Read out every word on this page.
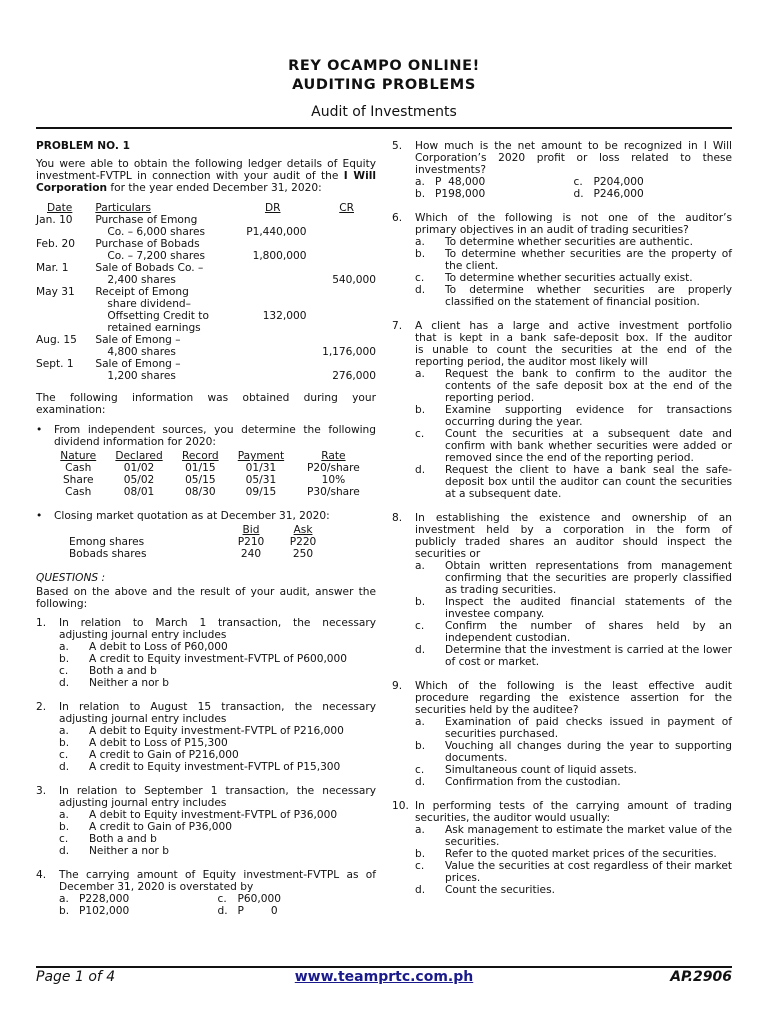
REY OCAMPO ONLINE!
AUDITING PROBLEMS
Audit of Investments

PROBLEM NO. 1

You were able to obtain the following ledger details of Equity investment-FVTPL in connection with your audit of the I Will Corporation for the year ended December 31, 2020:

Date	Particulars	DR	CR
Jan. 10	Purchase of Emong		
	Co. – 6,000 shares	P1,440,000	
Feb. 20	Purchase of Bobads		
	Co. – 7,200 shares	1,800,000	
Mar. 1	Sale of Bobads Co. –		
	2,400 shares		540,000
May 31	Receipt of Emong		
	share dividend–		
	Offsetting Credit to	132,000	
	retained earnings		
Aug. 15	Sale of Emong –		
	4,800 shares		1,176,000
Sept. 1	Sale of Emong –		
	1,200 shares		276,000

The following information was obtained during your examination:

• From independent sources, you determine the following dividend information for 2020:

Nature	Declared	Record	Payment	Rate
Cash	01/02	01/15	01/31	P20/share
Share	05/02	05/15	05/31	10%
Cash	08/01	08/30	09/15	P30/share
• Closing market quotation as at December 31, 2020:

	Bid	Ask
Emong shares	P210	P220
Bobads shares	240	250

QUESTIONS :

Based on the above and the result of your audit, answer the following:

1. In relation to March 1 transaction, the necessary

adjusting journal entry includes

a. A debit to Loss of P60,000

b. A credit to Equity investment-FVTPL of P600,000

c. Both a and b

d. Neither a nor b

2. In relation to August 15 transaction, the necessary

adjusting journal entry includes

a. A debit to Equity investment-FVTPL of P216,000

b. A debit to Loss of P15,300

c. A credit to Gain of P216,000

d. A credit to Equity investment-FVTPL of P15,300

3. In relation to September 1 transaction, the necessary

adjusting journal entry includes

a. A debit to Equity investment-FVTPL of P36,000

b. A credit to Gain of P36,000

c. Both a and b

d. Neither a nor b

4. The carrying amount of Equity investment-FVTPL as of

December 31, 2020 is overstated by

a. P228,000	c. P60,000
b. P102,000	d. P        0
5. How much is the net amount to be recognized in I Will

Corporation’s 2020 profit or loss related to these

investments?

a. P  48,000	c. P204,000
b. P198,000	d. P246,000
6. Which of the following is not one of the auditor’s

primary objectives in an audit of trading securities?

a. To determine whether securities are authentic.

b. To determine whether securities are the property of the client.

c. To determine whether securities actually exist.

d. To determine whether securities are properly classified on the statement of financial position.

7. A client has a large and active investment portfolio

that is kept in a bank safe-deposit box. If the auditor

is unable to count the securities at the end of the

reporting period, the auditor most likely will

a. Request the bank to confirm to the auditor the contents of the safe deposit box at the end of the reporting period.

b. Examine supporting evidence for transactions occurring during the year.

c. Count the securities at a subsequent date and confirm with bank whether securities were added or removed since the end of the reporting period.

d. Request the client to have a bank seal the safe-deposit box until the auditor can count the securities at a subsequent date.

8. In establishing the existence and ownership of an

investment held by a corporation in the form of

publicly traded shares an auditor should inspect the

securities or

a. Obtain written representations from management confirming that the securities are properly classified as trading securities.

b. Inspect the audited financial statements of the investee company.

c. Confirm the number of shares held by an independent custodian.

d. Determine that the investment is carried at the lower of cost or market.

9. Which of the following is the least effective audit

procedure regarding the existence assertion for the

securities held by the auditee?

a. Examination of paid checks issued in payment of securities purchased.

b. Vouching all changes during the year to supporting documents.

c. Simultaneous count of liquid assets.

d. Confirmation from the custodian.

10. In performing tests of the carrying amount of trading

securities, the auditor would usually:

a. Ask management to estimate the market value of the securities.

b. Refer to the quoted market prices of the securities.

c. Value the securities at cost regardless of their market prices.

d. Count the securities.

Page 1 of 4	www.teamprtc.com.ph	AP.2906
